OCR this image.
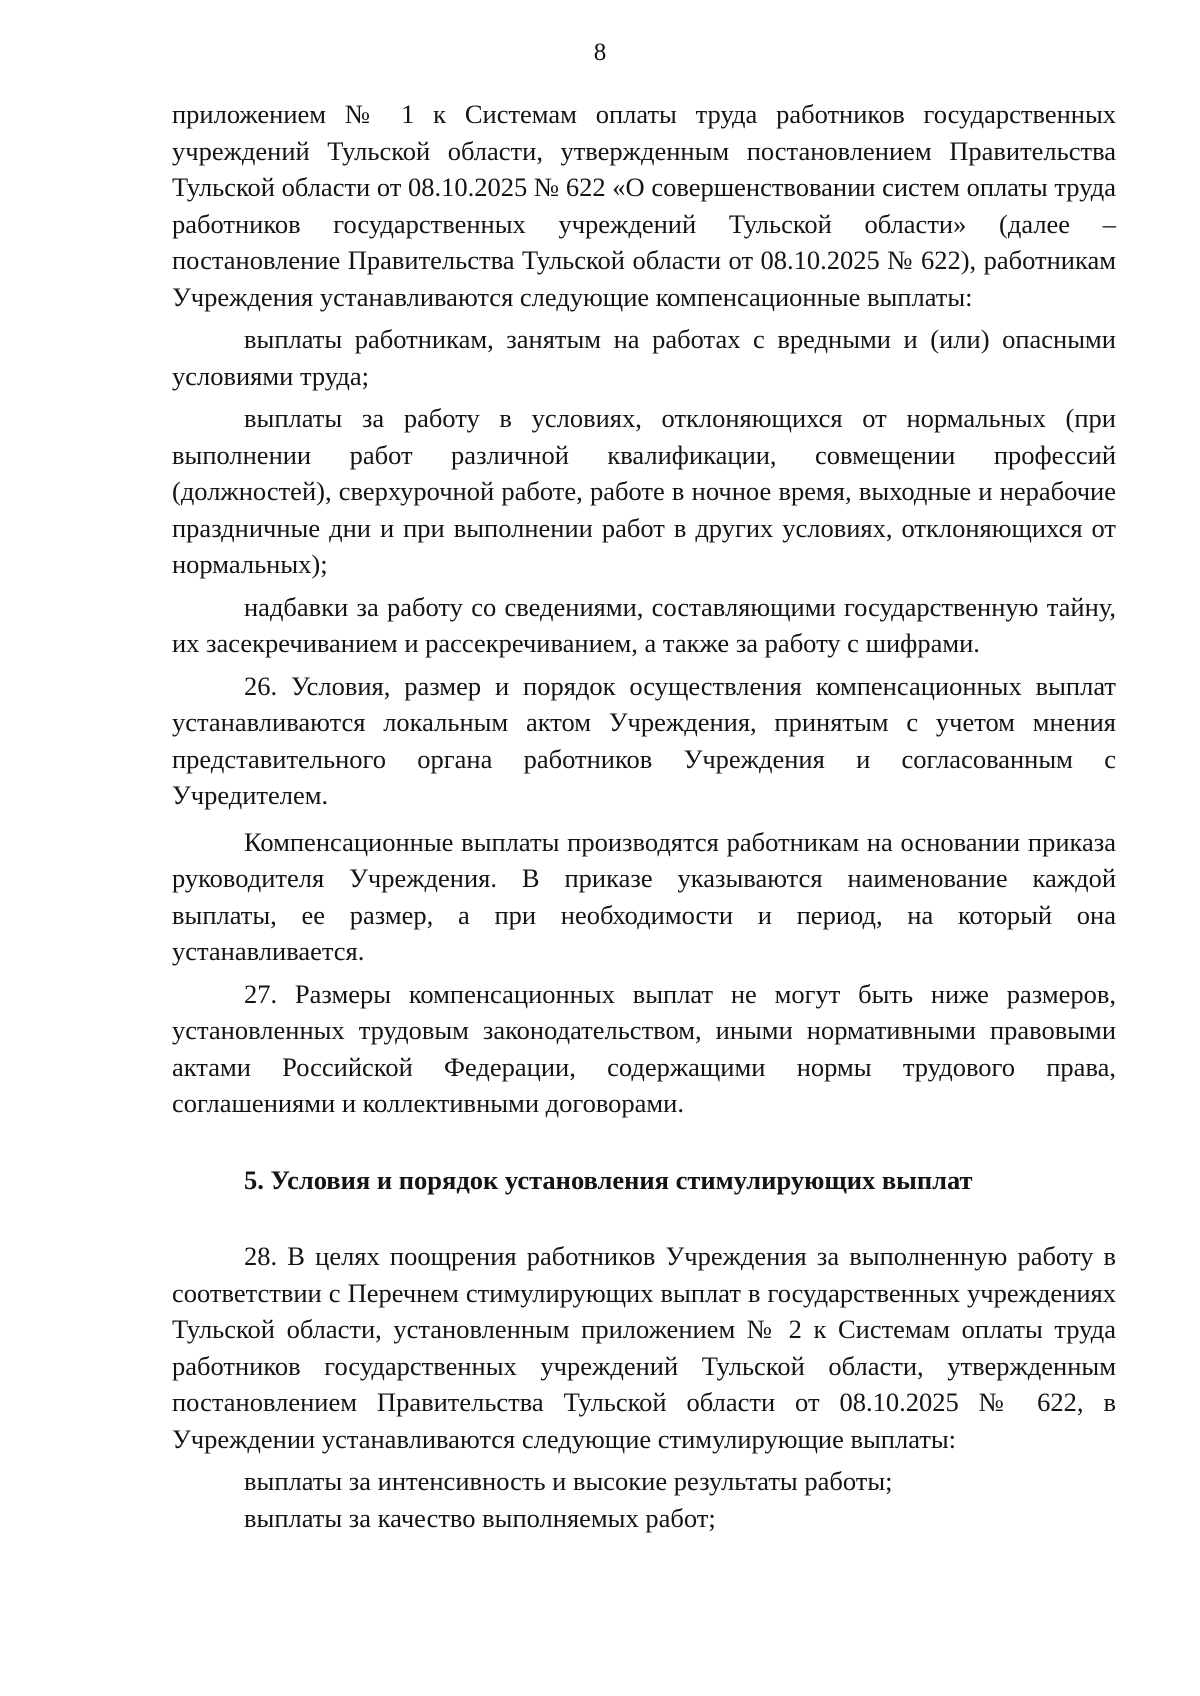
8

приложением № 1 к Системам оплаты труда работников государственных учреждений Тульской области, утвержденным постановлением Правительства Тульской области от 08.10.2025 № 622 «О совершенствовании систем оплаты труда работников государственных учреждений Тульской области» (далее – постановление Правительства Тульской области от 08.10.2025 № 622), работникам Учреждения устанавливаются следующие компенсационные выплаты:

выплаты работникам, занятым на работах с вредными и (или) опасными условиями труда;

выплаты за работу в условиях, отклоняющихся от нормальных (при выполнении работ различной квалификации, совмещении профессий (должностей), сверхурочной работе, работе в ночное время, выходные и нерабочие праздничные дни и при выполнении работ в других условиях, отклоняющихся от нормальных);

надбавки за работу со сведениями, составляющими государственную тайну, их засекречиванием и рассекречиванием, а также за работу с шифрами.

26. Условия, размер и порядок осуществления компенсационных выплат устанавливаются локальным актом Учреждения, принятым с учетом мнения представительного органа работников Учреждения и согласованным с Учредителем.

Компенсационные выплаты производятся работникам на основании приказа руководителя Учреждения. В приказе указываются наименование каждой выплаты, ее размер, а при необходимости и период, на который она устанавливается.

27. Размеры компенсационных выплат не могут быть ниже размеров, установленных трудовым законодательством, иными нормативными правовыми актами Российской Федерации, содержащими нормы трудового права, соглашениями и коллективными договорами.

5. Условия и порядок установления стимулирующих выплат

28. В целях поощрения работников Учреждения за выполненную работу в соответствии с Перечнем стимулирующих выплат в государственных учреждениях Тульской области, установленным приложением № 2 к Системам оплаты труда работников государственных учреждений Тульской области, утвержденным постановлением Правительства Тульской области от 08.10.2025 № 622, в Учреждении устанавливаются следующие стимулирующие выплаты:

выплаты за интенсивность и высокие результаты работы;

выплаты за качество выполняемых работ;
